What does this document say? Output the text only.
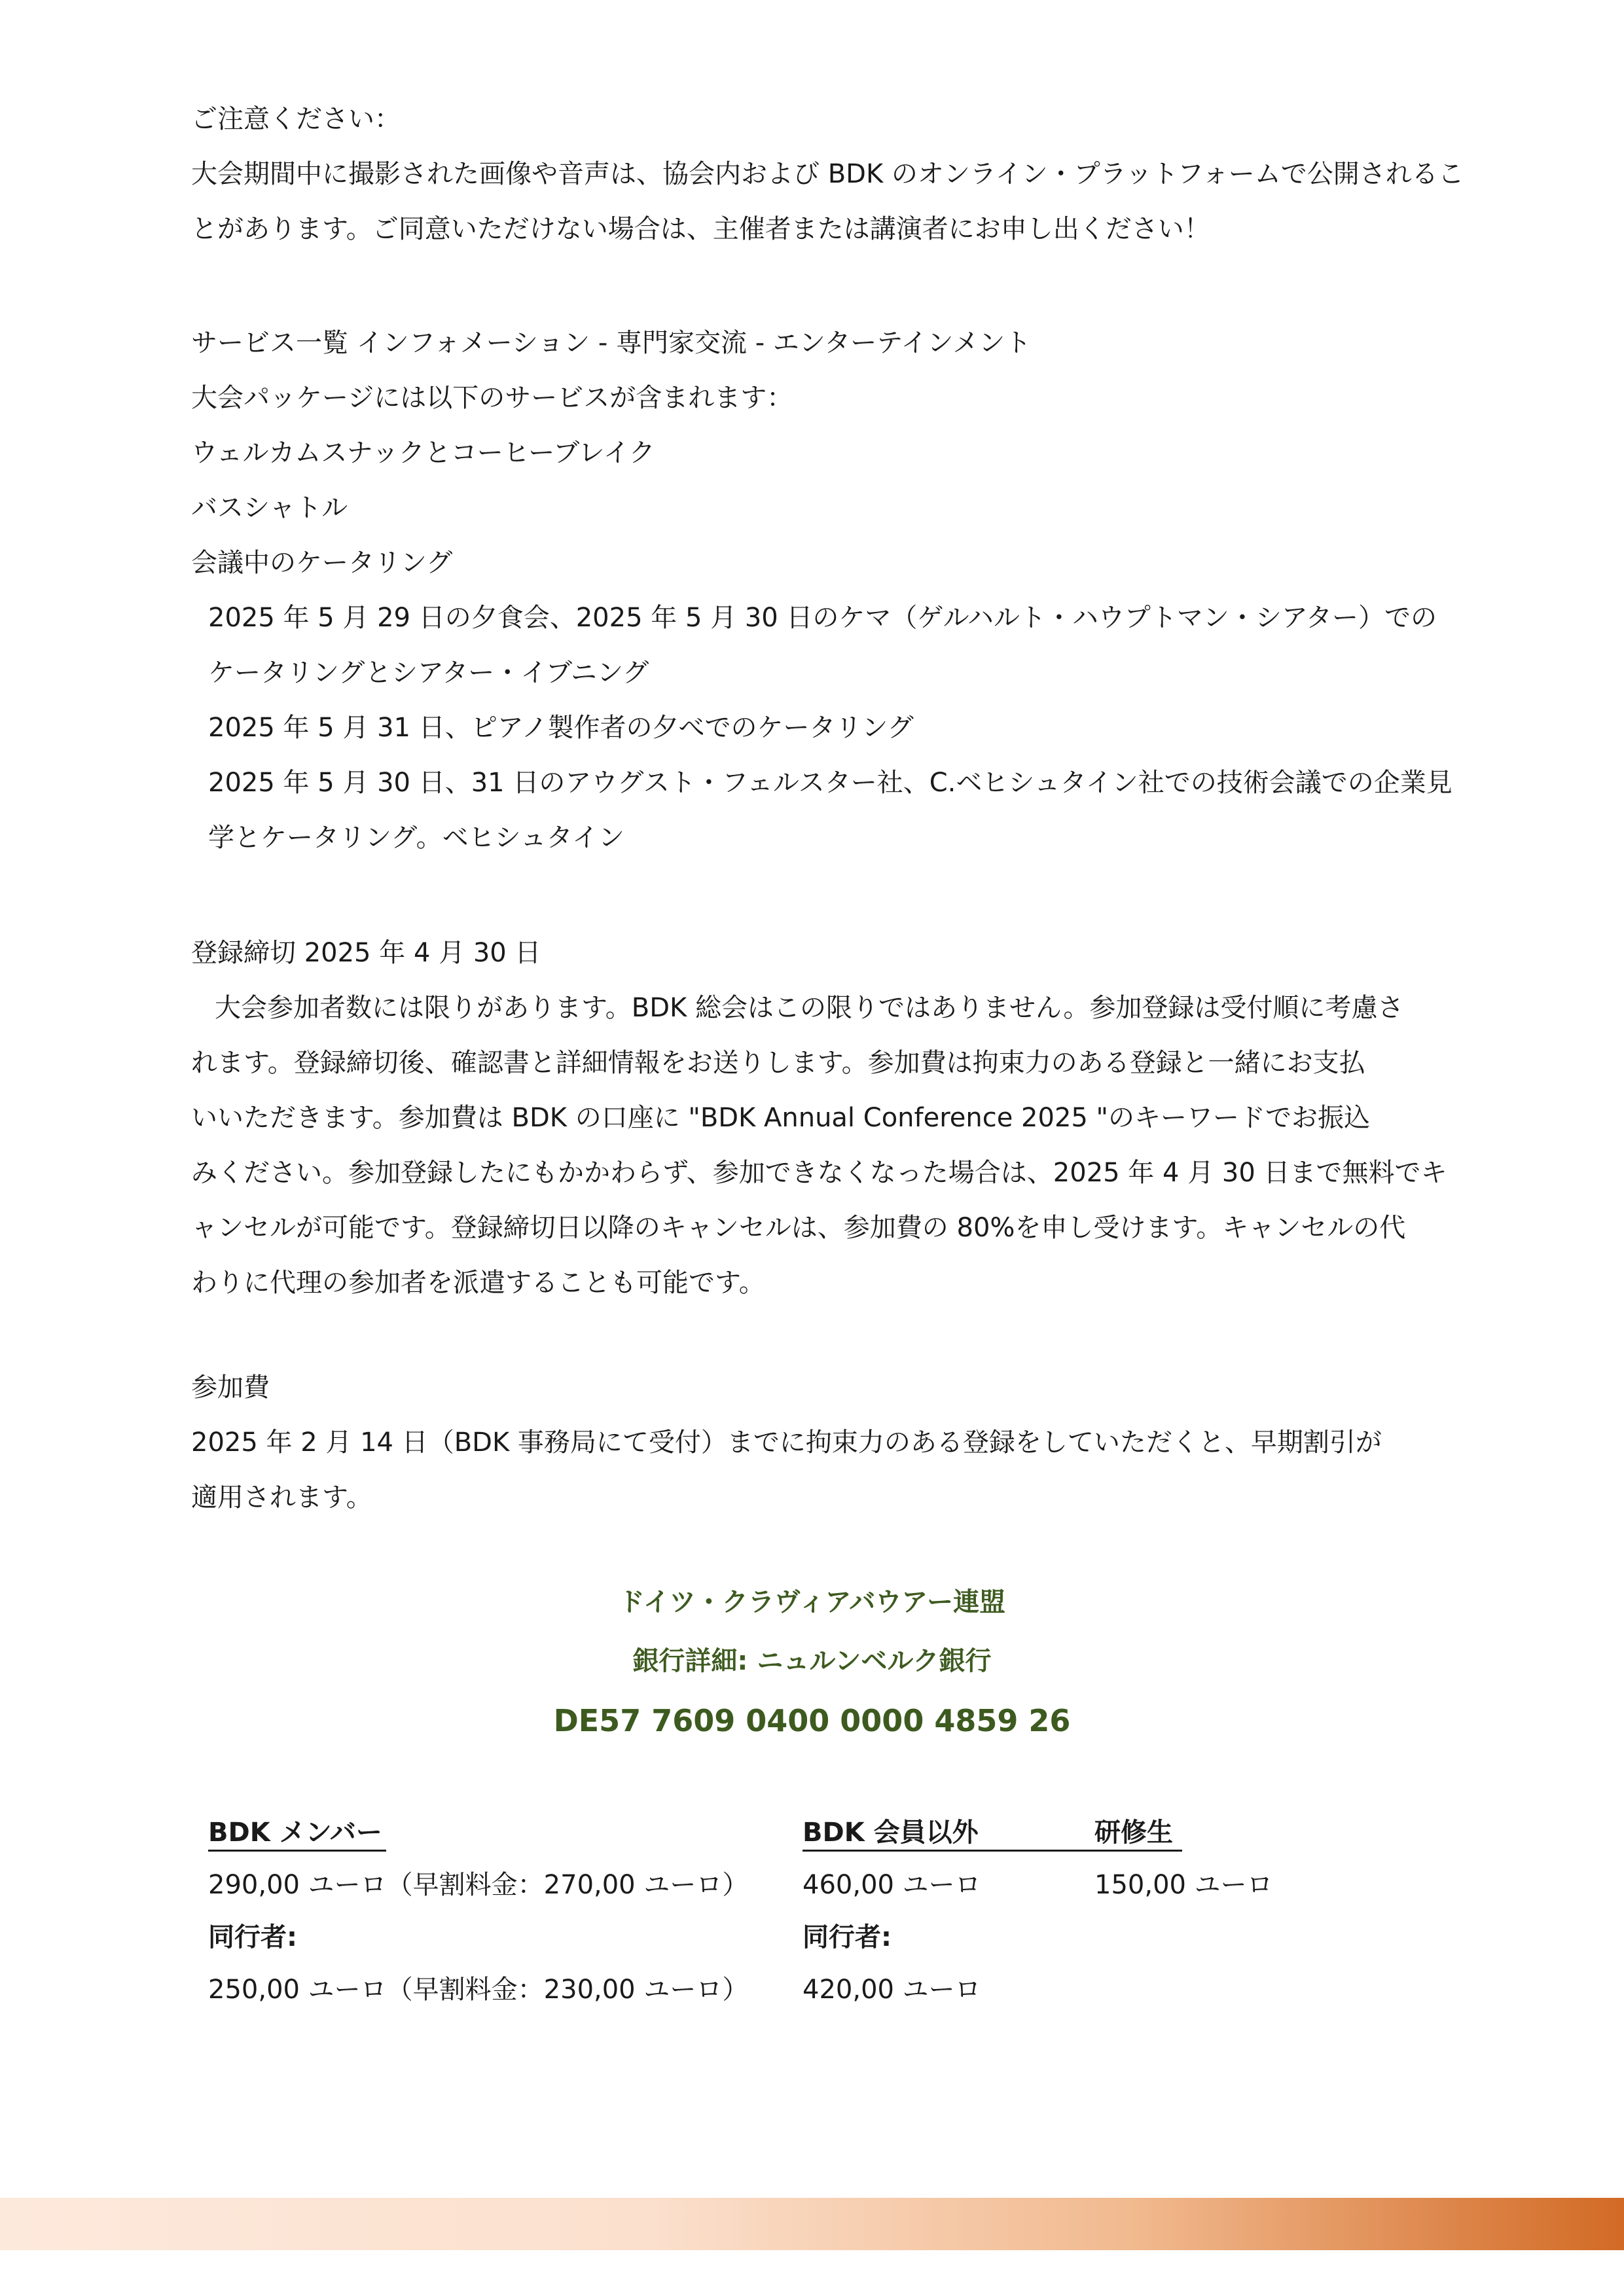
ご注意ください：
大会期間中に撮影された画像や音声は、協会内および BDK のオンライン・プラットフォームで公開されるこ
とがあります。ご同意いただけない場合は、主催者または講演者にお申し出ください！
サービス一覧 インフォメーション - 専門家交流 - エンターテインメント
大会パッケージには以下のサービスが含まれます：
ウェルカムスナックとコーヒーブレイク
バスシャトル
会議中のケータリング
2025 年 5 月 29 日の夕食会、2025 年 5 月 30 日のケマ（ゲルハルト・ハウプトマン・シアター）での
ケータリングとシアター・イブニング
2025 年 5 月 31 日、ピアノ製作者の夕べでのケータリング
2025 年 5 月 30 日、31 日のアウグスト・フェルスター社、C.ベヒシュタイン社での技術会議での企業見
学とケータリング。ベヒシュタイン
登録締切 2025 年 4 月 30 日
大会参加者数には限りがあります。BDK 総会はこの限りではありません。参加登録は受付順に考慮さ
れます。登録締切後、確認書と詳細情報をお送りします。参加費は拘束力のある登録と一緒にお支払
いいただきます。参加費は BDK の口座に "BDK Annual Conference 2025 "のキーワードでお振込
みください。参加登録したにもかかわらず、参加できなくなった場合は、2025 年 4 月 30 日まで無料でキ
ャンセルが可能です。登録締切日以降のキャンセルは、参加費の 80%を申し受けます。キャンセルの代
わりに代理の参加者を派遣することも可能です。
参加費
2025 年 2 月 14 日（BDK 事務局にて受付）までに拘束力のある登録をしていただくと、早期割引が
適用されます。
ドイツ・クラヴィアバウアー連盟
銀行詳細: ニュルンベルク銀行
DE57 7609 0400 0000 4859 26
BDK メンバー
290,00 ユーロ（早割料金：270,00 ユーロ）
同行者:
250,00 ユーロ（早割料金：230,00 ユーロ）
BDK 会員以外
460,00 ユーロ
同行者:
420,00 ユーロ
研修生
150,00 ユーロ
